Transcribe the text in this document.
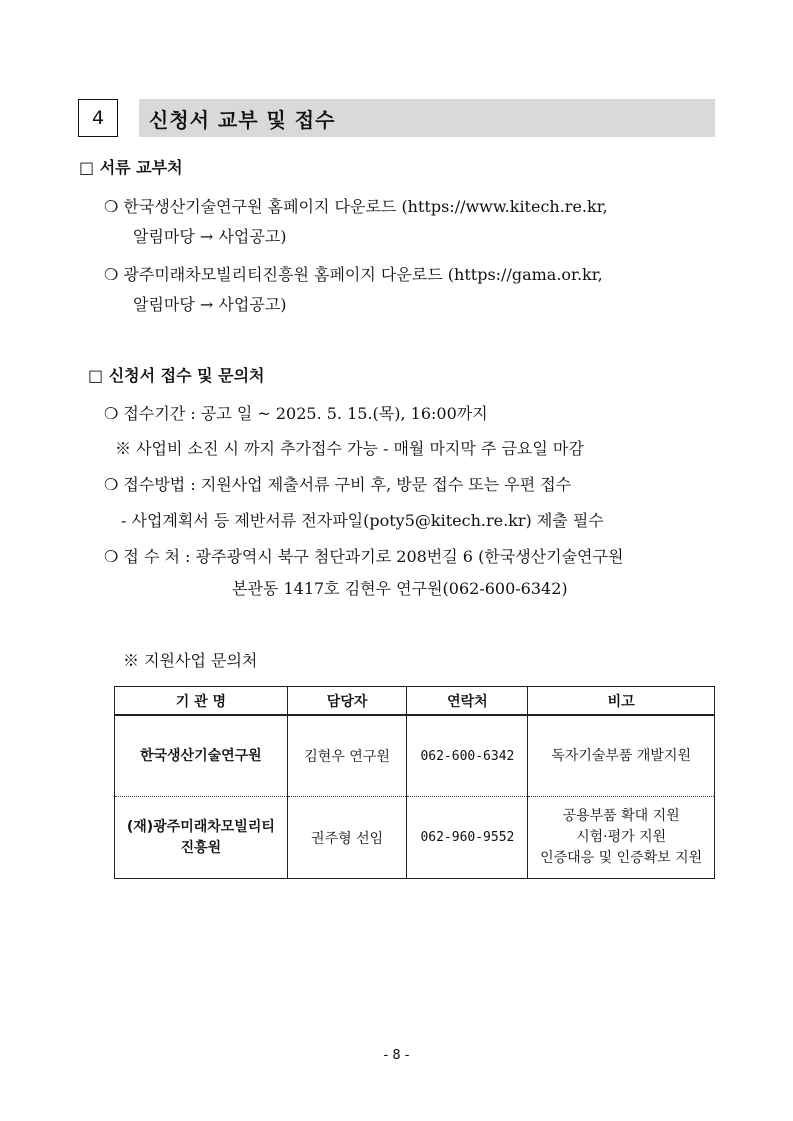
4	신청서 교부 및 접수
□ 서류 교부처
❍ 한국생산기술연구원 홈페이지 다운로드 (https://www.kitech.re.kr,
알림마당 → 사업공고)
❍ 광주미래차모빌리티진흥원 홈페이지 다운로드 (https://gama.or.kr,
알림마당 → 사업공고)
□ 신청서 접수 및 문의처
❍ 접수기간 : 공고 일 ~ 2025. 5. 15.(목), 16:00까지
※ 사업비 소진 시 까지 추가접수 가능 - 매월 마지막 주 금요일 마감
❍ 접수방법 : 지원사업 제출서류 구비 후, 방문 접수 또는 우편 접수
- 사업계획서 등 제반서류 전자파일(poty5@kitech.re.kr) 제출 필수
❍ 접 수 처 : 광주광역시 북구 첨단과기로 208번길 6 (한국생산기술연구원
본관동 1417호 김현우 연구원(062-600-6342)
※ 지원사업 문의처
기 관 명	담당자	연락처	비고
한국생산기술연구원	김현우 연구원	062-600-6342	독자기술부품 개발지원

(재)광주미래차모빌리티
진흥원	권주형 선임	062-960-9552	공용부품 확대 지원
시험·평가 지원
인증대응 및 인증확보 지원
- 8 -
